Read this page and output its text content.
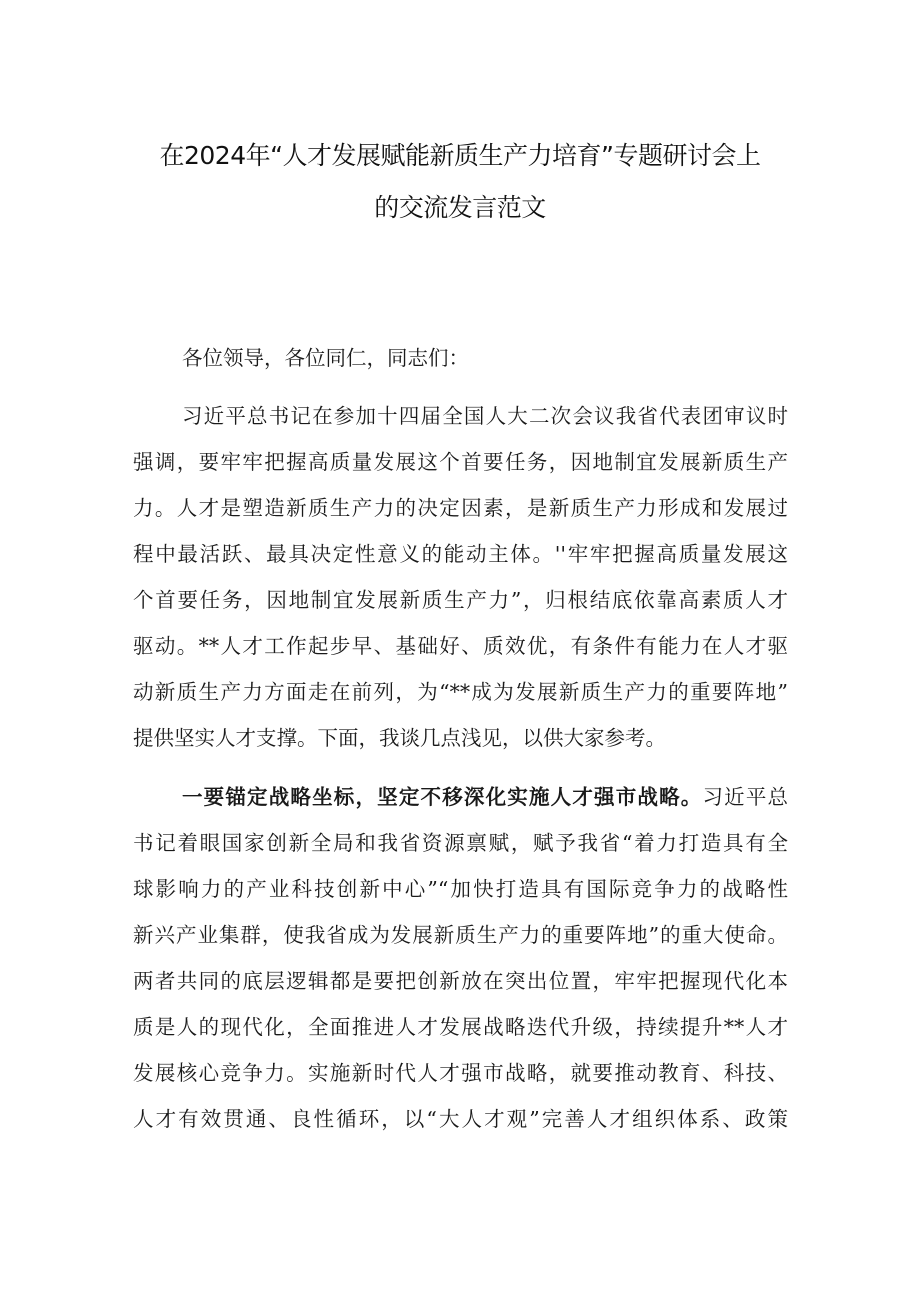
在2024年“人才发展赋能新质生产力培育”专题研讨会上
的交流发言范文
各位领导，各位同仁，同志们：
习近平总书记在参加十四届全国人大二次会议我省代表团审议时
强调，要牢牢把握高质量发展这个首要任务，因地制宜发展新质生产
力。人才是塑造新质生产力的决定因素，是新质生产力形成和发展过
程中最活跃、最具决定性意义的能动主体。''牢牢把握高质量发展这
个首要任务，因地制宜发展新质生产力”，归根结底依靠高素质人才
驱动。**人才工作起步早、基础好、质效优，有条件有能力在人才驱
动新质生产力方面走在前列，为“**成为发展新质生产力的重要阵地”
提供坚实人才支撑。下面，我谈几点浅见，以供大家参考。
一要锚定战略坐标，坚定不移深化实施人才强市战略。习近平总
书记着眼国家创新全局和我省资源禀赋，赋予我省“着力打造具有全
球影响力的产业科技创新中心”“加快打造具有国际竞争力的战略性
新兴产业集群，使我省成为发展新质生产力的重要阵地”的重大使命。
两者共同的底层逻辑都是要把创新放在突出位置，牢牢把握现代化本
质是人的现代化，全面推进人才发展战略迭代升级，持续提升**人才
发展核心竞争力。实施新时代人才强市战略，就要推动教育、科技、
人才有效贯通、良性循环，以“大人才观”完善人才组织体系、政策
